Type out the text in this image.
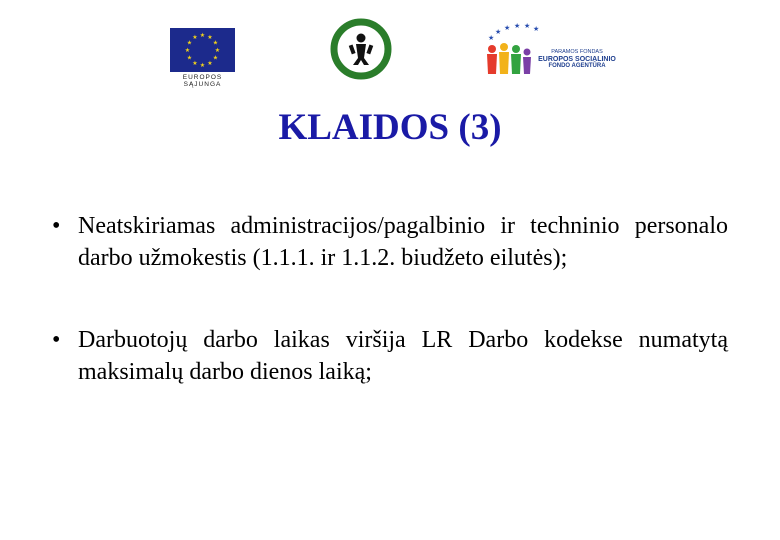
★ ★
★
★
★
★
★
★
★
★
★
★
EUROPOS SĄJUNGA
★
★ ★ ★ ★ ★
PARAMOS FONDAS
EUROPOS SOCIALINIO
FONDO AGENTŪRA
KLAIDOS (3)
• Neatskiriamas administracijos/pagalbinio ir techninio personalo darbo užmokestis (1.1.1. ir 1.1.2. biudžeto eilutės);
• Darbuotojų darbo laikas viršija LR Darbo kodekse numatytą maksimalų darbo dienos laiką;
